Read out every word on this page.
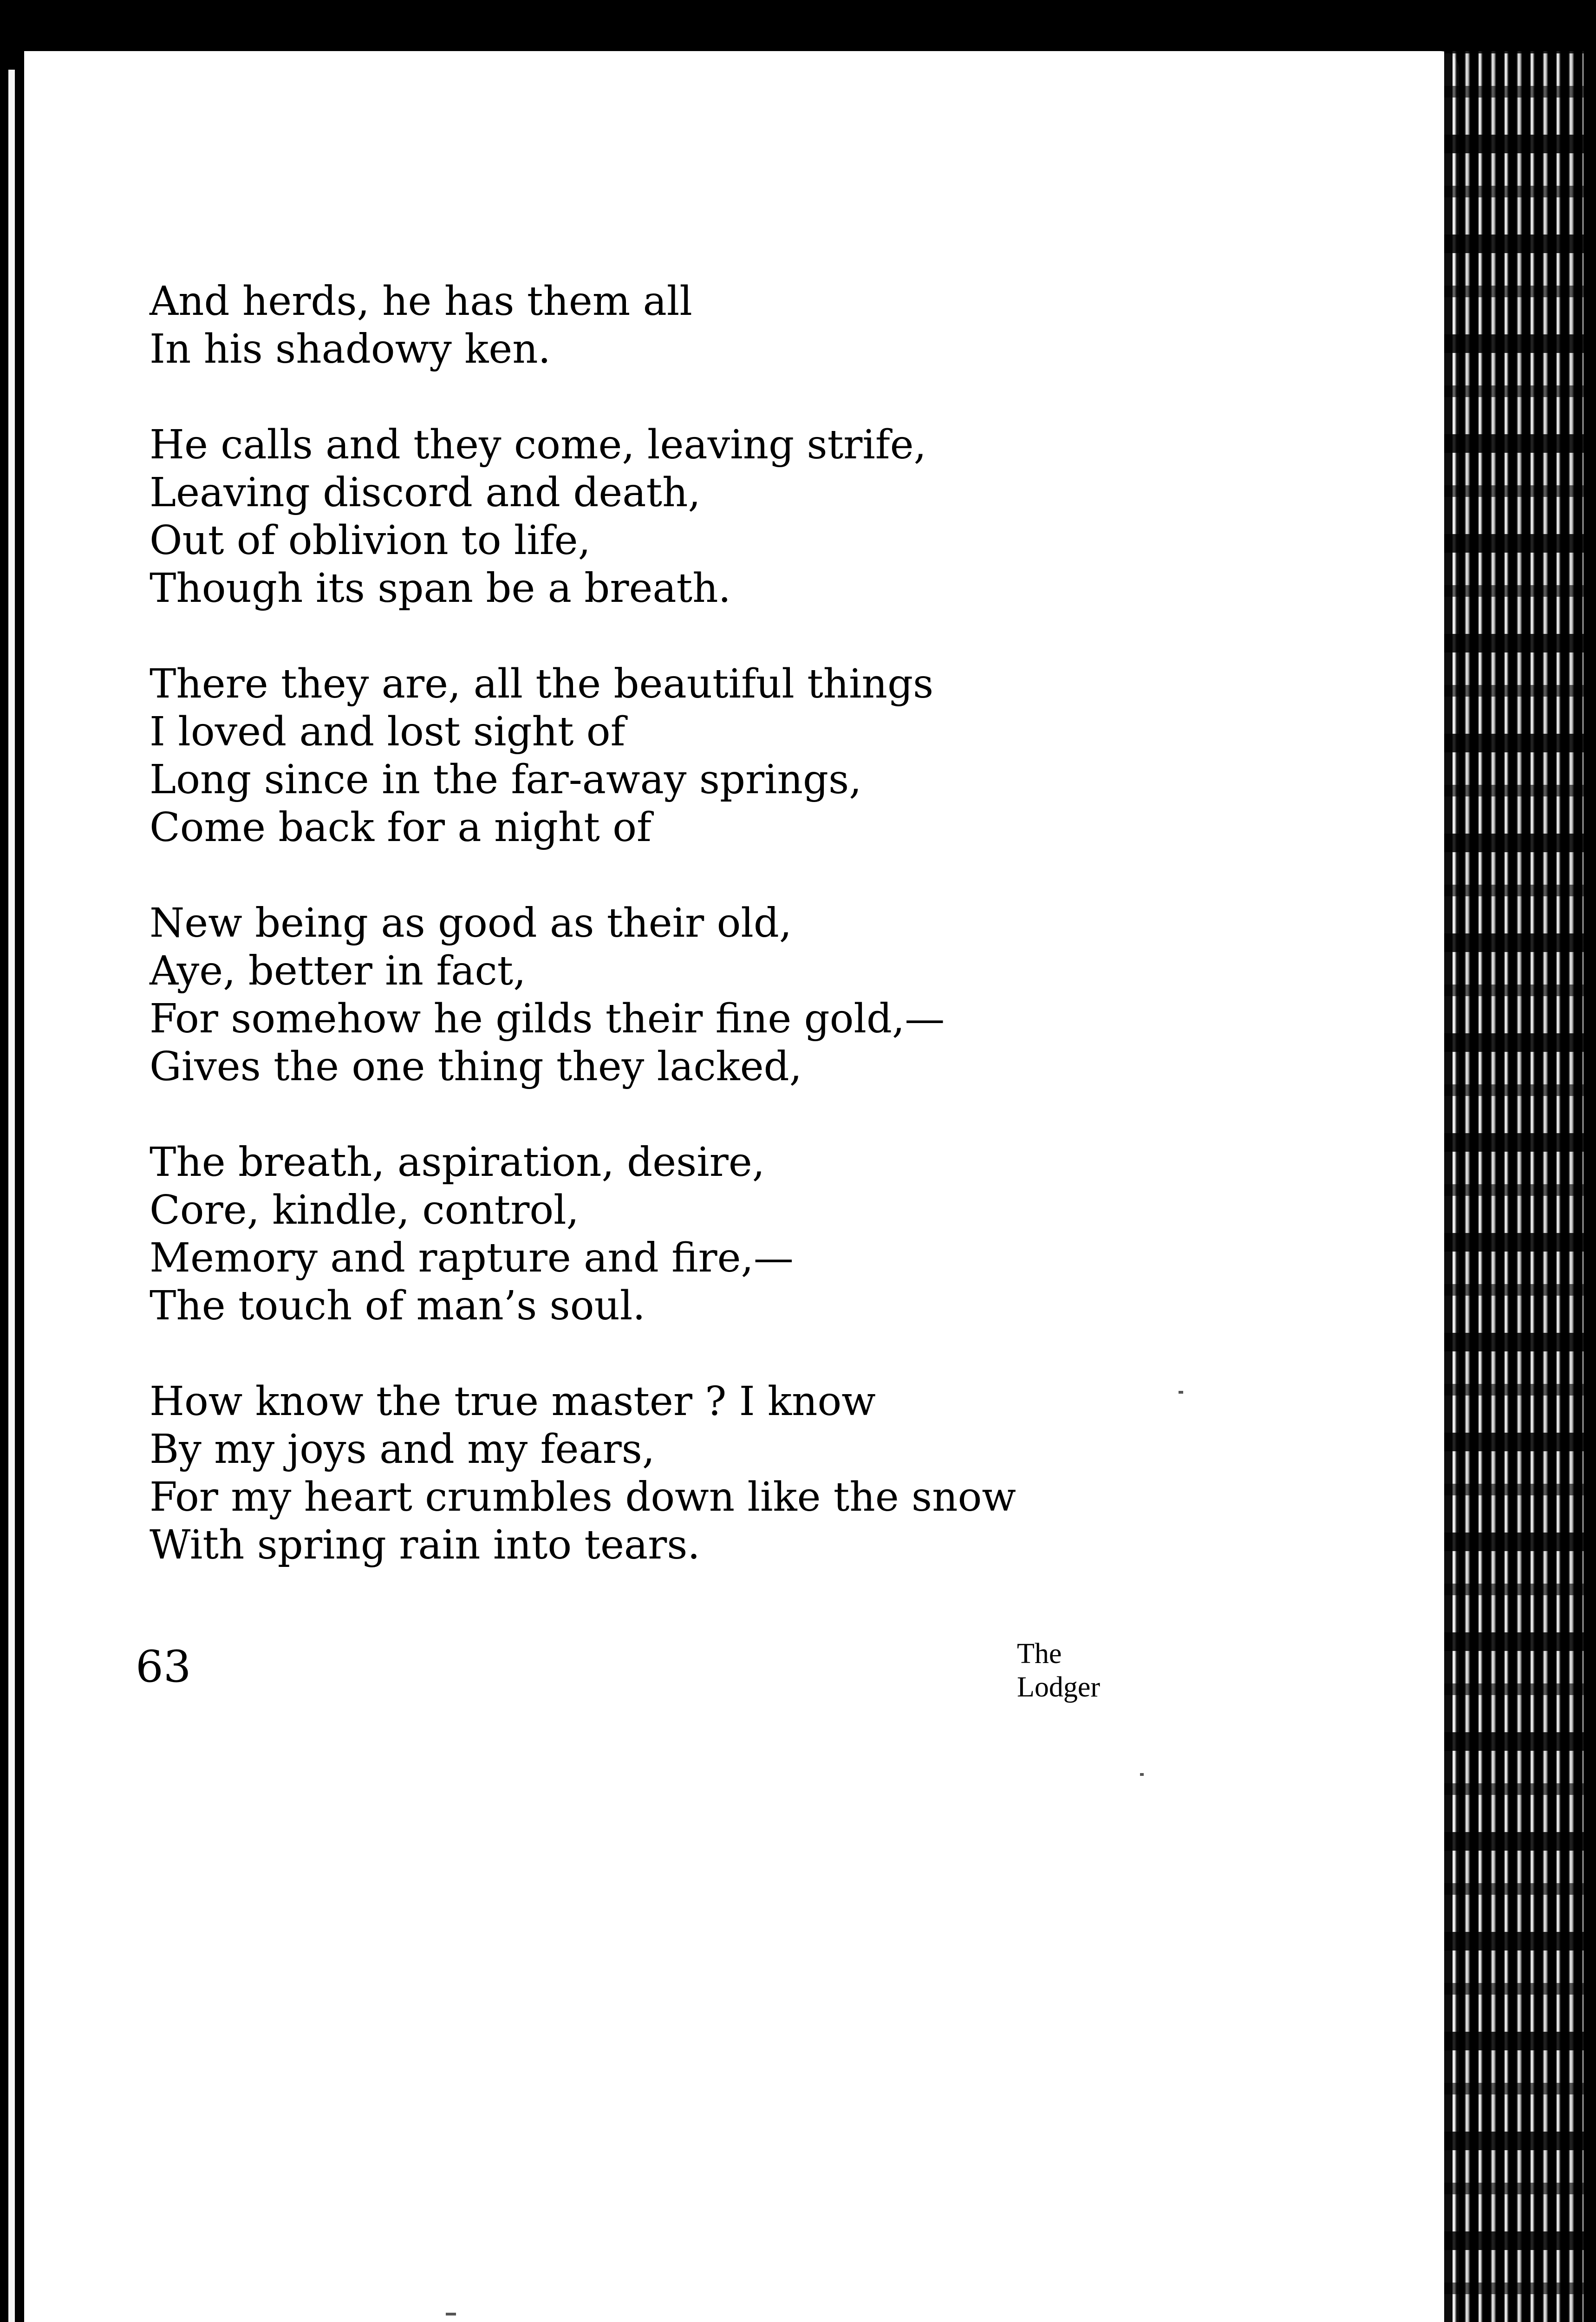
And herds, he has them all
In his shadowy ken.

He calls and they come, leaving strife,
Leaving discord and death,
Out of oblivion to life,
Though its span be a breath.

There they are, all the beautiful things
I loved and lost sight of
Long since in the far-away springs,
Come back for a night of

New being as good as their old,
Aye, better in fact,
For somehow he gilds their fine gold,—
Gives the one thing they lacked,

The breath, aspiration, desire,
Core, kindle, control,
Memory and rapture and fire,—
The touch of man’s soul.

How know the true master ? I know
By my joys and my fears,
For my heart crumbles down like the snow
With spring rain into tears.

63	The
Lodger
